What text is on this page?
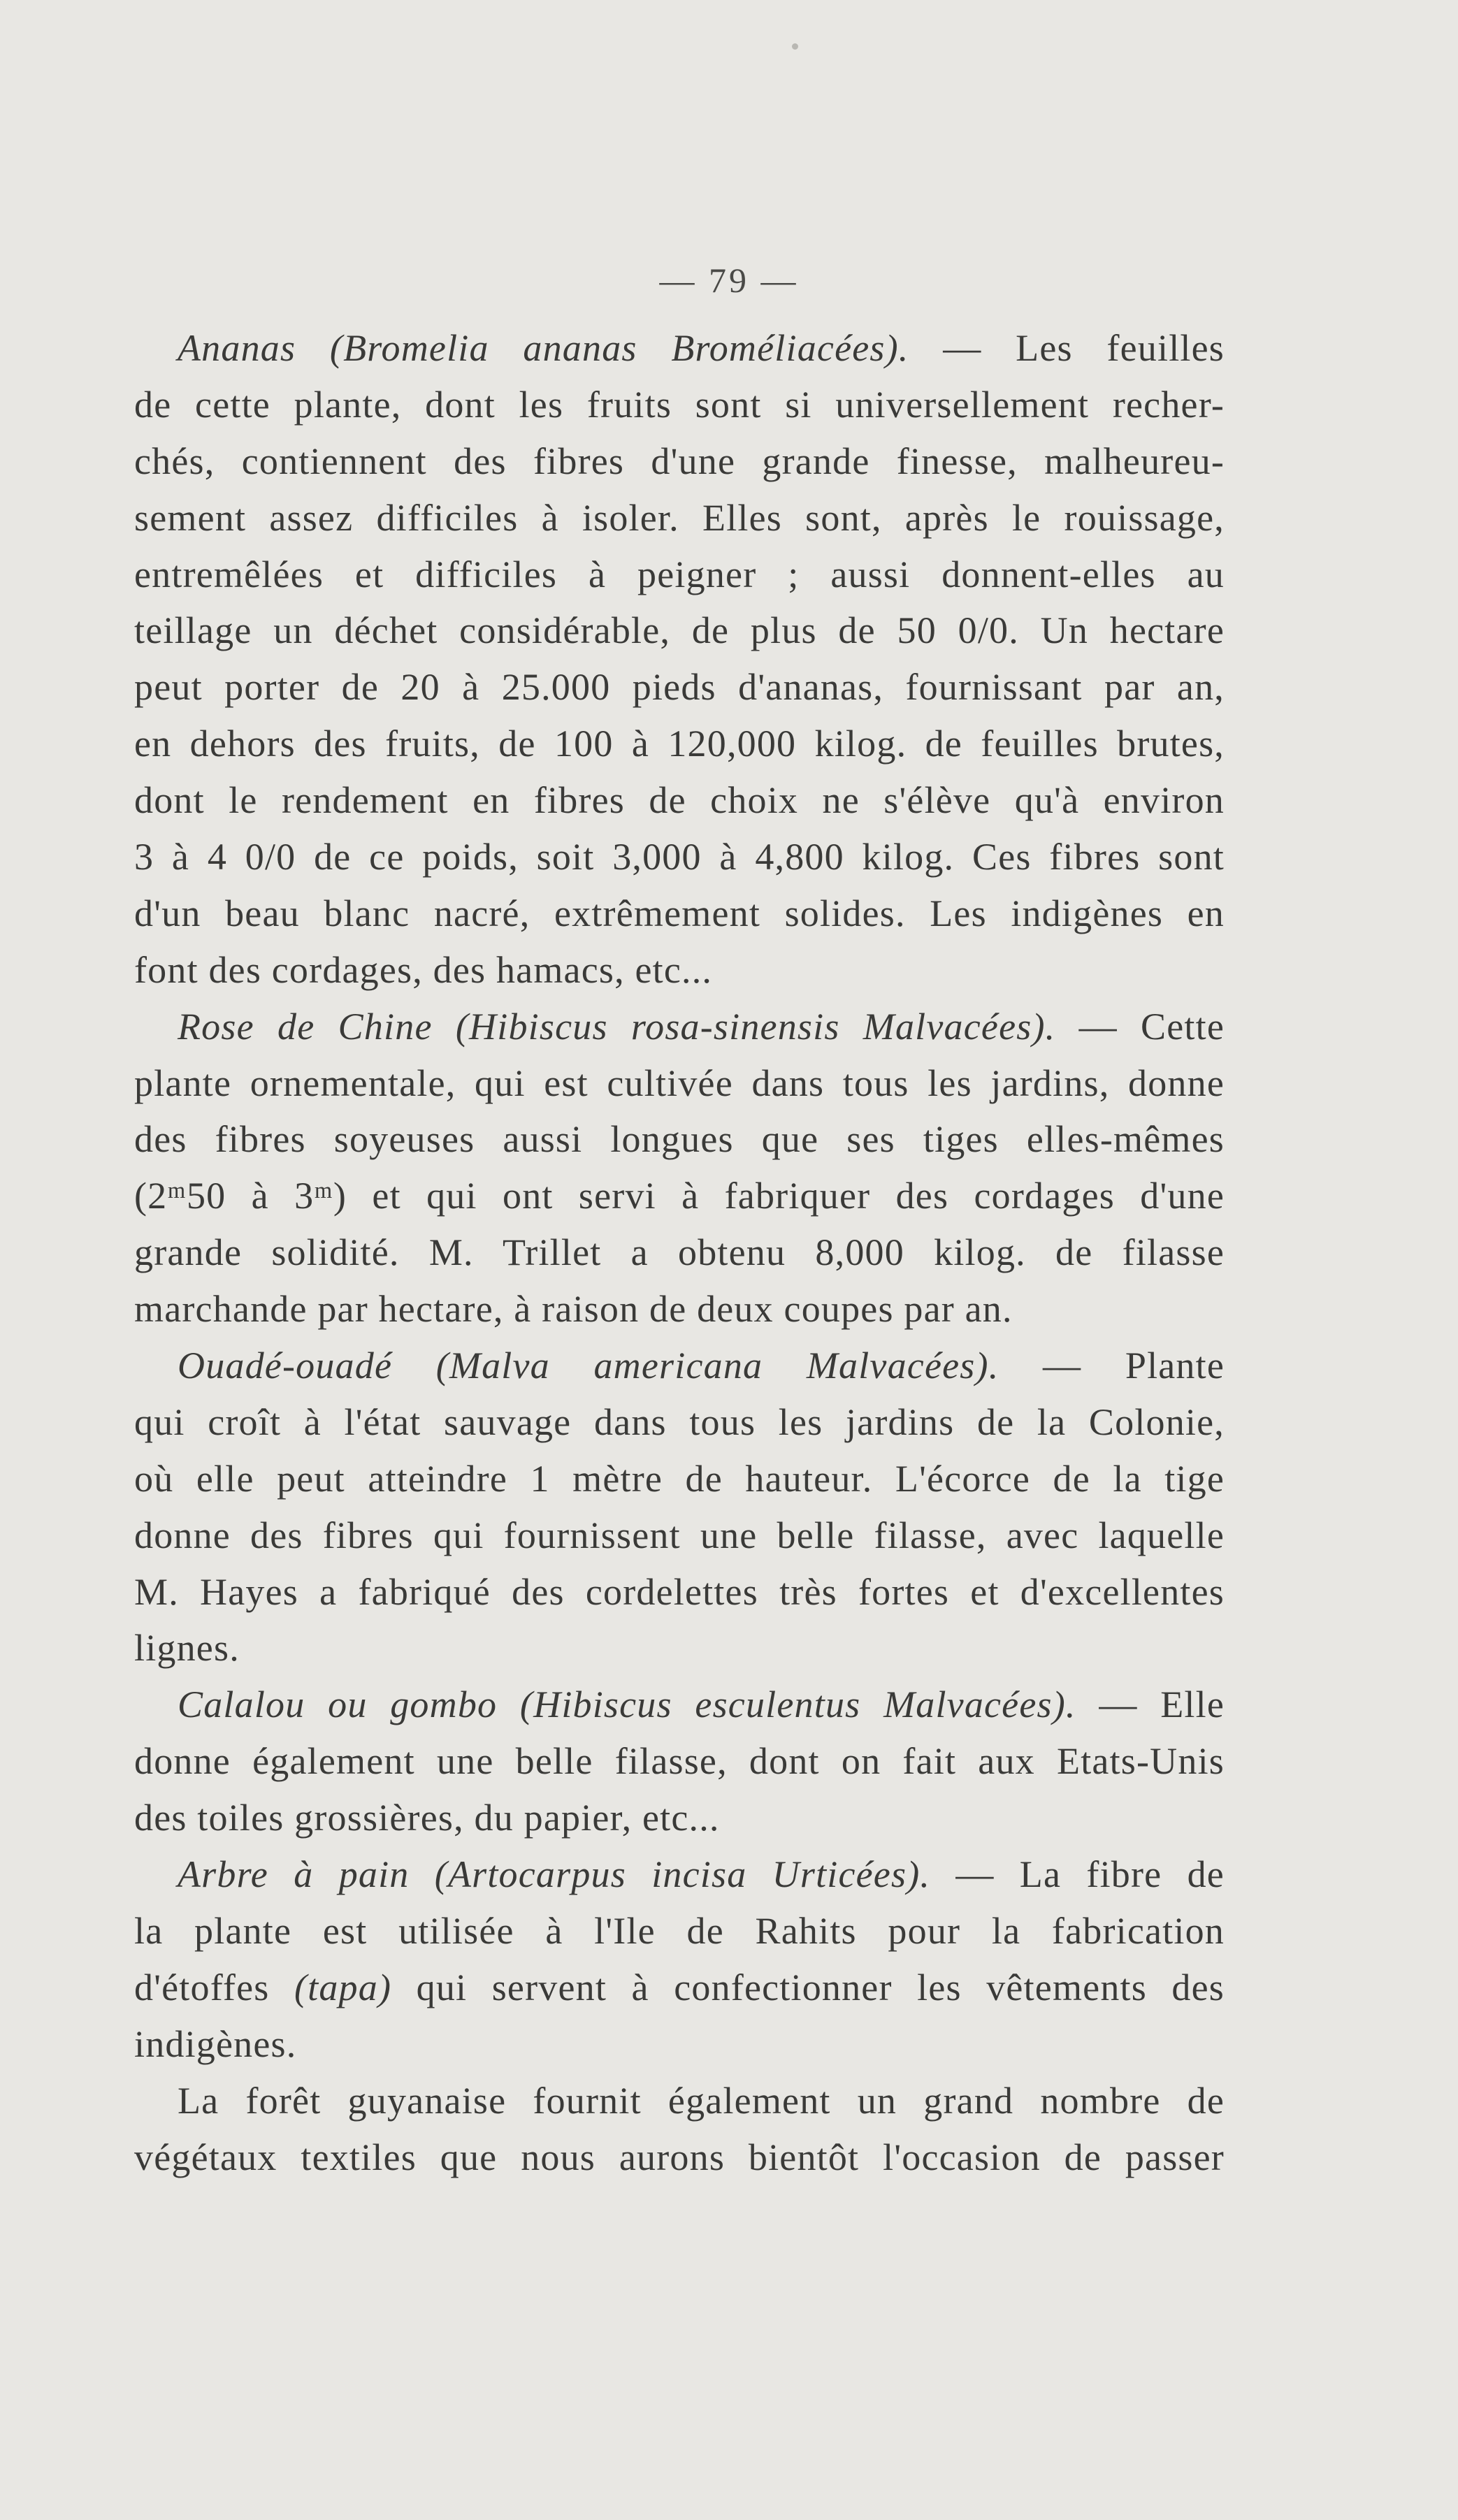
— 79 —
Ananas (Bromelia ananas Broméliacées). — Les feuilles
de cette plante, dont les fruits sont si universellement recher-
chés, contiennent des fibres d'une grande finesse, malheureu-
sement assez difficiles à isoler. Elles sont, après le rouissage,
entremêlées et difficiles à peigner ; aussi donnent-elles au
teillage un déchet considérable, de plus de 50 0/0. Un hectare
peut porter de 20 à 25.000 pieds d'ananas, fournissant par an,
en dehors des fruits, de 100 à 120,000 kilog. de feuilles brutes,
dont le rendement en fibres de choix ne s'élève qu'à environ
3 à 4 0/0 de ce poids, soit 3,000 à 4,800 kilog. Ces fibres sont
d'un beau blanc nacré, extrêmement solides. Les indigènes en
font des cordages, des hamacs, etc...
Rose de Chine (Hibiscus rosa-sinensis Malvacées). — Cette
plante ornementale, qui est cultivée dans tous les jardins, donne
des fibres soyeuses aussi longues que ses tiges elles-mêmes
(2ᵐ50 à 3ᵐ) et qui ont servi à fabriquer des cordages d'une
grande solidité. M. Trillet a obtenu 8,000 kilog. de filasse
marchande par hectare, à raison de deux coupes par an.
Ouadé-ouadé (Malva americana Malvacées). — Plante
qui croît à l'état sauvage dans tous les jardins de la Colonie,
où elle peut atteindre 1 mètre de hauteur. L'écorce de la tige
donne des fibres qui fournissent une belle filasse, avec laquelle
M. Hayes a fabriqué des cordelettes très fortes et d'excellentes
lignes.
Calalou ou gombo (Hibiscus esculentus Malvacées). — Elle
donne également une belle filasse, dont on fait aux Etats-Unis
des toiles grossières, du papier, etc...
Arbre à pain (Artocarpus incisa Urticées). — La fibre de
la plante est utilisée à l'Ile de Rahits pour la fabrication
d'étoffes (tapa) qui servent à confectionner les vêtements des
indigènes.
La forêt guyanaise fournit également un grand nombre de
végétaux textiles que nous aurons bientôt l'occasion de passer
